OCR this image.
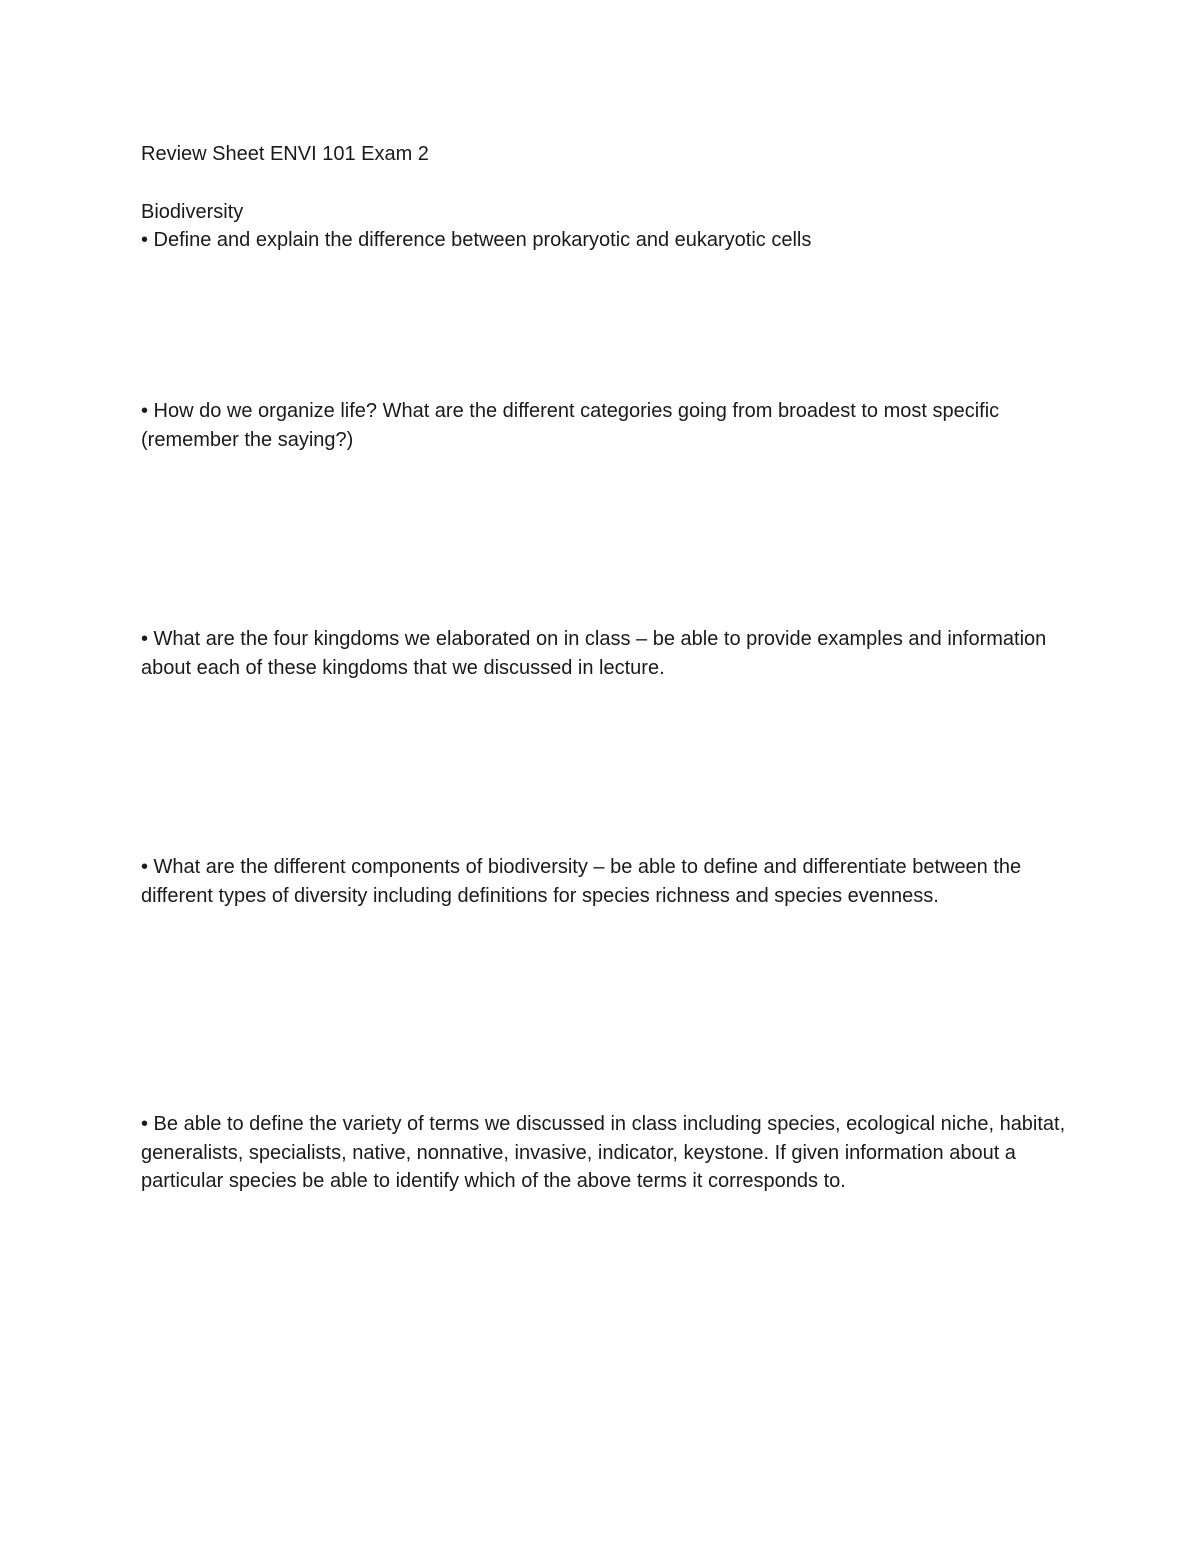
Review Sheet ENVI 101 Exam 2
Biodiversity
• Define and explain the difference between prokaryotic and eukaryotic cells
• How do we organize life? What are the different categories going from broadest to most specific (remember the saying?)
• What are the four kingdoms we elaborated on in class – be able to provide examples and information about each of these kingdoms that we discussed in lecture.
• What are the different components of biodiversity – be able to define and differentiate between the different types of diversity including definitions for species richness and species evenness.
• Be able to define the variety of terms we discussed in class including species, ecological niche, habitat, generalists, specialists, native, nonnative, invasive, indicator, keystone. If given information about a particular species be able to identify which of the above terms it corresponds to.
